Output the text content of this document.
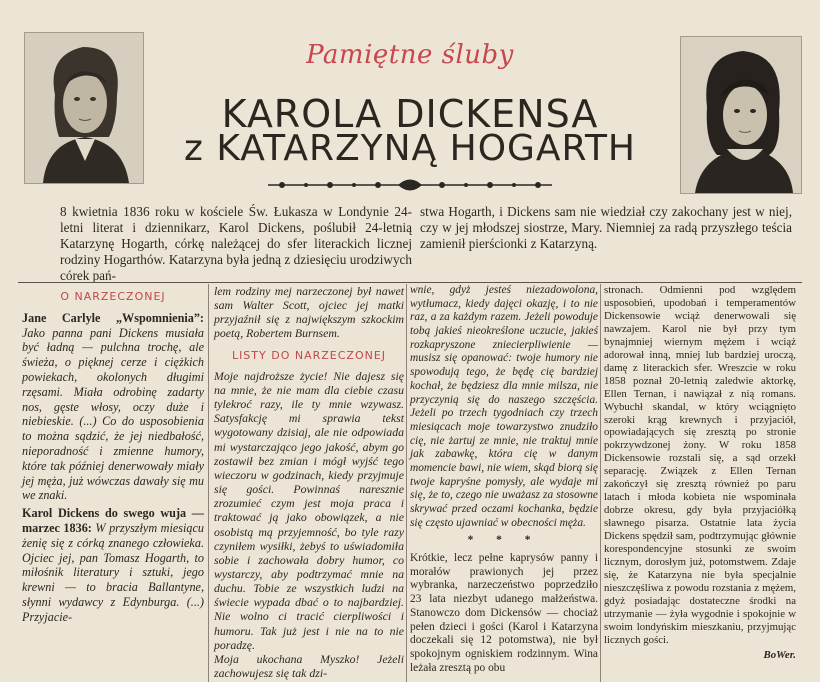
Pamiętne śluby
KAROLA DICKENSA
z KATARZYNĄ HOGARTH

8 kwietnia 1836 roku w kościele Św. Łukasza w Londynie 24-letni literat i dziennikarz, Karol Dickens, poślubił 24-letnią Katarzynę Hogarth, córkę należącej do sfer literackich licznej rodziny Hogarthów. Katarzyna była jedną z dziesięciu urodziwych córek pań-

stwa Hogarth, i Dickens sam nie wiedział czy zakochany jest w niej, czy w jej młodszej siostrze, Mary. Niemniej za radą przyszłego teścia zamienił pierścionki z Katarzyną.

O NARZECZONEJ

Jane Carlyle „Wspomnienia”: Jako panna pani Dickens musiała być ładną — pulchna trochę, ale świeża, o pięknej cerze i ciężkich powiekach, okolonych długimi rzęsami. Miała odrobinę zadarty nos, gęste włosy, oczy duże i niebieskie. (...) Co do usposobienia to można sądzić, że jej niedbałość, nieporadność i zmienne humory, które tak później denerwowały miały jej męża, już wówczas dawały się mu we znaki.

Karol Dickens do swego wuja — marzec 1836: W przyszłym miesiącu żenię się z córką znanego człowieka. Ojciec jej, pan Tomasz Hogarth, to miłośnik literatury i sztuki, jego krewni — to bracia Ballantyne, słynni wydawcy z Edynburga. (...) Przyjacie-

lem rodziny mej narzeczonej był nawet sam Walter Scott, ojciec jej matki przyjaźnił się z największym szkockim poetą, Robertem Burnsem.

LISTY DO NARZECZONEJ

Moje najdroższe życie! Nie dajesz się na mnie, że nie mam dla ciebie czasu tylekroć razy, ile ty mnie wzywasz. Satysfakcję mi sprawia tekst wygotowany dzisiaj, ale nie odpowiada mi wystarczająco jego jakość, abym go zostawił bez zmian i mógł wyjść tego wieczoru w godzinach, kiedy przyjmuje się gości. Powinnaś naresznie zrozumieć czym jest moja praca i traktować ją jako obowiązek, a nie osobistą mą przyjemność, bo tyle razy czyniłem wysiłki, żebyś to uświadomiła sobie i zachowała dobry humor, co wystarczy, aby podtrzymać mnie na duchu. Tobie ze wszystkich ludzi na świecie wypada dbać o to najbardziej. Nie wolno ci tracić cierpliwości i humoru. Tak już jest i nie na to nie poradzę.

Moja ukochana Myszko! Jeżeli zachowujesz się tak dzi-

wnie, gdyż jesteś niezadowolona, wytłumacz, kiedy dajęci okazję, i to nie raz, a za każdym razem. Jeżeli powoduje tobą jakieś nieokreślone uczucie, jakieś rozkapryszone zniecierpliwienie — musisz się opanować: twoje humory nie spowodują tego, że będę cię bardziej kochał, że będziesz dla mnie milsza, nie przyczynią się do naszego szczęścia. Jeżeli po trzech tygodniach czy trzech miesiącach moje towarzystwo znudziło cię, nie żartuj ze mnie, nie traktuj mnie jak zabawkę, która cię w danym momencie bawi, nie wiem, skąd biorą się twoje kapryśne pomysły, ale wydaje mi się, że to, czego nie uważasz za stosowne skrywać przed oczami kochanka, będzie się często ujawniać w obecności męża.

* * *

Krótkie, lecz pełne kaprysów panny i morałów prawionych jej przez wybranka, narzeczeństwo poprzedziło 23 lata niezbyt udanego małżeństwa. Stanowczo dom Dickensów — chociaż pełen dzieci i gości (Karol i Katarzyna doczekali się 12 potomstwa), nie był spokojnym ogniskiem rodzinnym. Wina leżała zresztą po obu

stronach. Odmienni pod względem usposobień, upodobań i temperamentów Dickensowie wciąż denerwowali się nawzajem. Karol nie był przy tym bynajmniej wiernym mężem i wciąż adorował inną, mniej lub bardziej uroczą, damę z literackich sfer. Wreszcie w roku 1858 poznał 20-letnią zaledwie aktorkę, Ellen Ternan, i nawiązał z nią romans. Wybuchł skandal, w który wciągnięto szeroki krąg krewnych i przyjaciół, opowiadających się zresztą po stronie pokrzywdzonej żony. W roku 1858 Dickensowie rozstali się, a sąd orzekł separację. Związek z Ellen Ternan zakończył się zresztą również po paru latach i młoda kobieta nie wspominała dobrze okresu, gdy była przyjaciółką sławnego pisarza. Ostatnie lata życia Dickens spędził sam, podtrzymując głównie korespondencyjne stosunki ze swoim licznym, dorosłym już, potomstwem. Zdaje się, że Katarzyna nie była specjalnie nieszczęśliwa z powodu rozstania z mężem, gdyż posiadając dostateczne środki na utrzymanie — żyła wygodnie i spokojnie w swoim londyńskim mieszkaniu, przyjmując licznych gości.

BoWer.
